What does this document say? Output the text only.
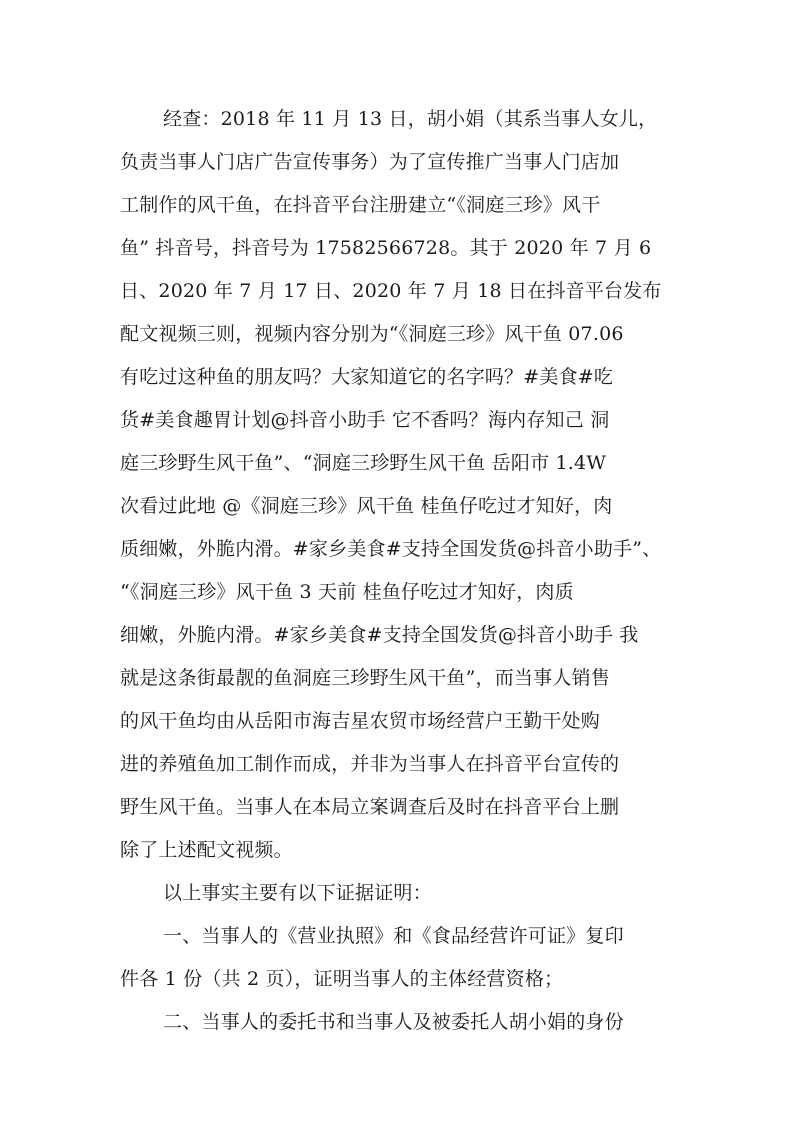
经查：2018 年 11 月 13 日，胡小娟（其系当事人女儿，
负责当事人门店广告宣传事务）为了宣传推广当事人门店加
工制作的风干鱼，在抖音平台注册建立“《洞庭三珍》风干
鱼” 抖音号，抖音号为 17582566728。其于 2020 年 7 月 6
日、2020 年 7 月 17 日、2020 年 7 月 18 日在抖音平台发布
配文视频三则，视频内容分别为“《洞庭三珍》风干鱼 07.06
有吃过这种鱼的朋友吗？大家知道它的名字吗？#美食#吃
货#美食趣胃计划@抖音小助手 它不香吗？海内存知己 洞
庭三珍野生风干鱼”、“洞庭三珍野生风干鱼 岳阳市 1.4W
次看过此地 @《洞庭三珍》风干鱼 桂鱼仔吃过才知好，肉
质细嫩，外脆内滑。#家乡美食#支持全国发货@抖音小助手”、
“《洞庭三珍》风干鱼 3 天前 桂鱼仔吃过才知好，肉质
细嫩，外脆内滑。#家乡美食#支持全国发货@抖音小助手 我
就是这条街最靓的鱼洞庭三珍野生风干鱼”，而当事人销售
的风干鱼均由从岳阳市海吉星农贸市场经营户王勤干处购
进的养殖鱼加工制作而成，并非为当事人在抖音平台宣传的
野生风干鱼。当事人在本局立案调查后及时在抖音平台上删
除了上述配文视频。
以上事实主要有以下证据证明：
一、当事人的《营业执照》和《食品经营许可证》复印
件各 1 份（共 2 页），证明当事人的主体经营资格；
二、当事人的委托书和当事人及被委托人胡小娟的身份
